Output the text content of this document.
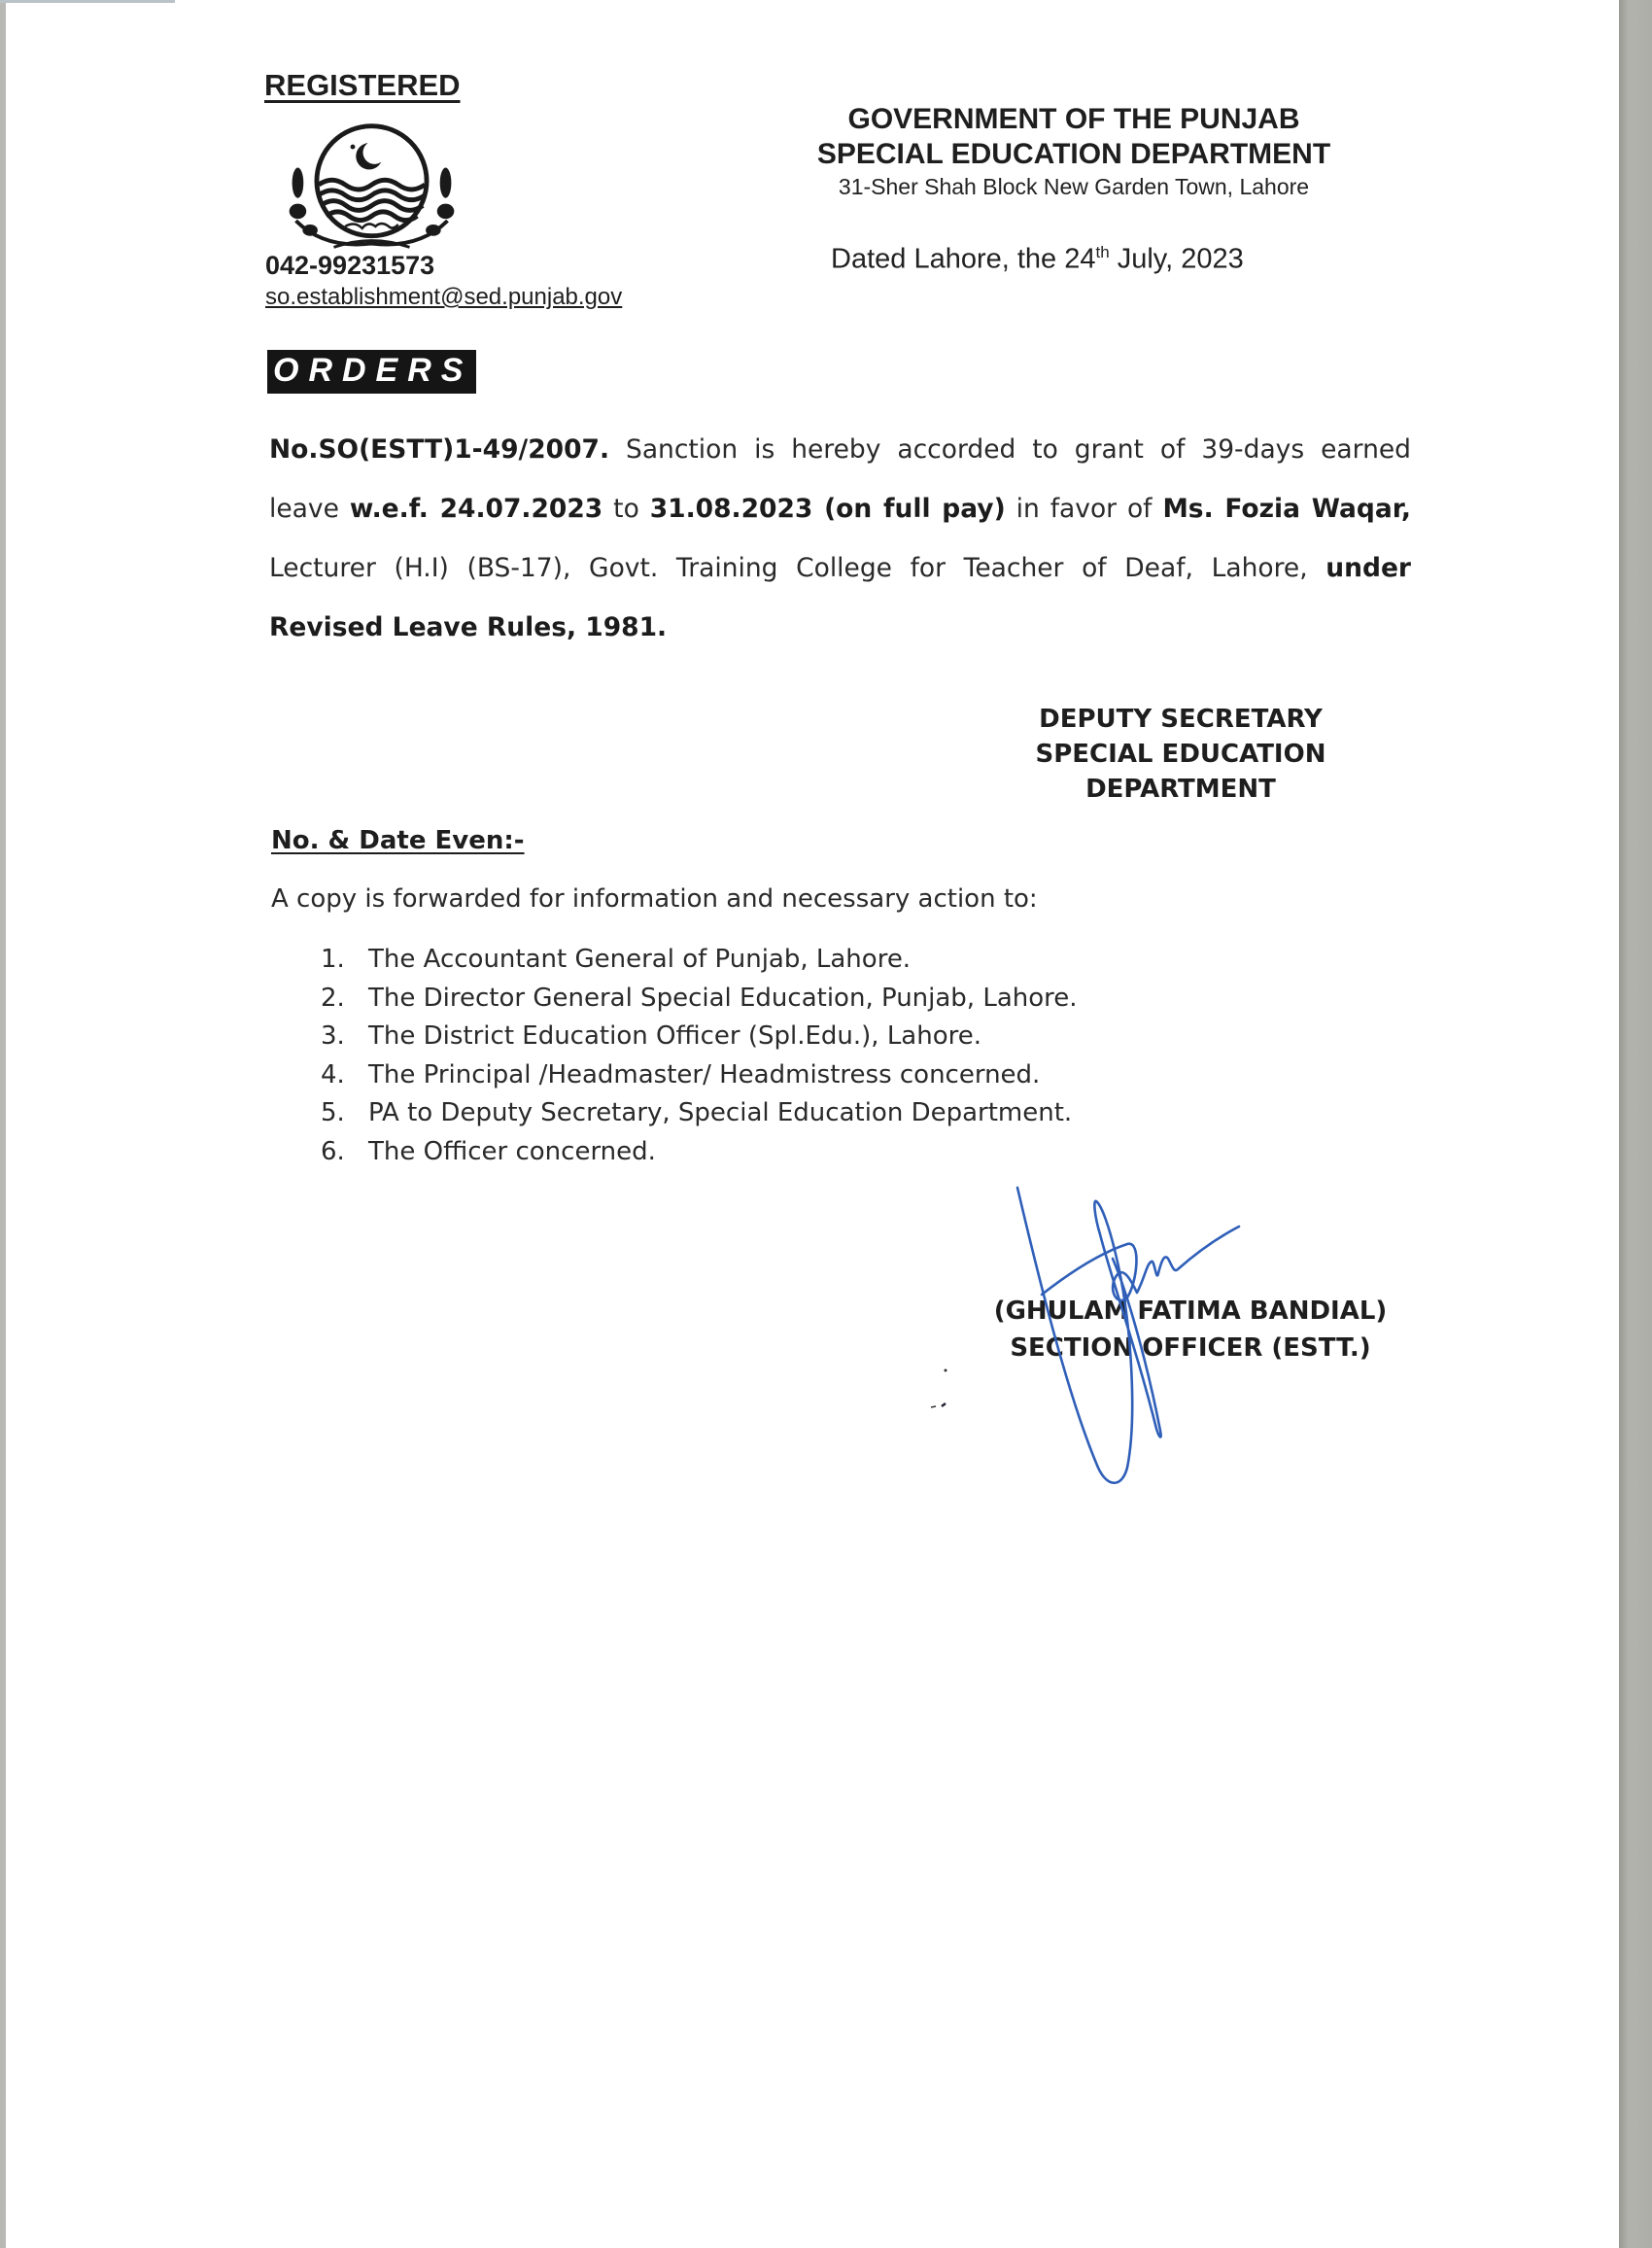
REGISTERED
042-99231573
so.establishment@sed.punjab.gov
GOVERNMENT OF THE PUNJAB
SPECIAL EDUCATION DEPARTMENT
31-Sher Shah Block New Garden Town, Lahore
Dated Lahore, the 24th July, 2023
ORDERS
No.SO(ESTT)1-49/2007. Sanction is hereby accorded to grant of 39-days earned leave w.e.f. 24.07.2023 to 31.08.2023 (on full pay) in favor of Ms. Fozia Waqar, Lecturer (H.I) (BS-17), Govt. Training College for Teacher of Deaf, Lahore, under Revised Leave Rules, 1981.
DEPUTY SECRETARY
SPECIAL EDUCATION
DEPARTMENT
No. & Date Even:-
A copy is forwarded for information and necessary action to:
1. The Accountant General of Punjab, Lahore.
2. The Director General Special Education, Punjab, Lahore.
3. The District Education Officer (Spl.Edu.), Lahore.
4. The Principal /Headmaster/ Headmistress concerned.
5. PA to Deputy Secretary, Special Education Department.
6. The Officer concerned.
(GHULAM FATIMA BANDIAL)
SECTION OFFICER (ESTT.)
